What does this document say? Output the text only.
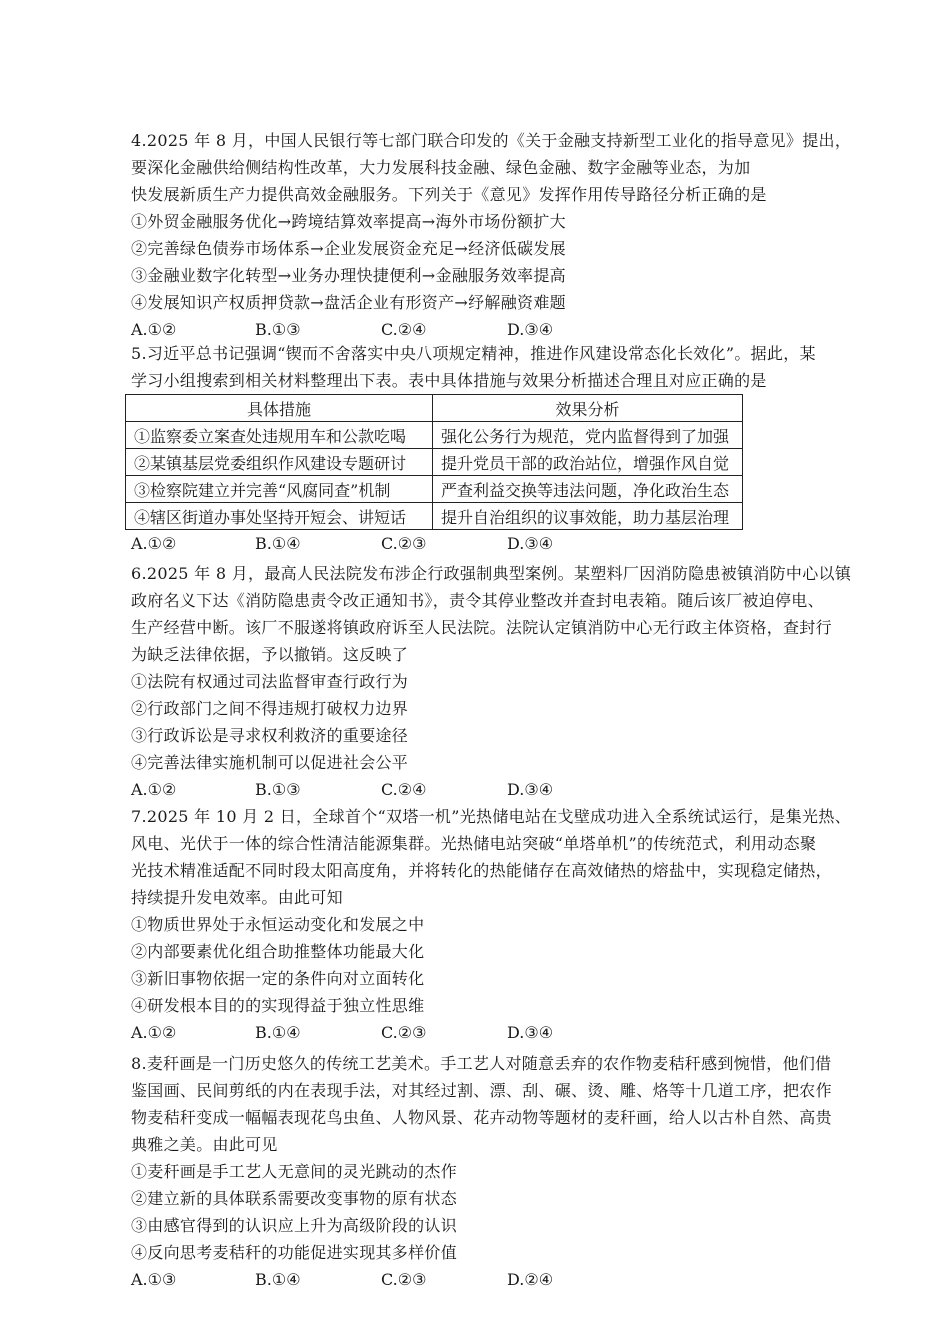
4.2025 年 8 月，中国人民银行等七部门联合印发的《关于金融支持新型工业化的指导意见》提出，
要深化金融供给侧结构性改革，大力发展科技金融、绿色金融、数字金融等业态，为加
快发展新质生产力提供高效金融服务。下列关于《意见》发挥作用传导路径分析正确的是
①外贸金融服务优化→跨境结算效率提高→海外市场份额扩大
②完善绿色债券市场体系→企业发展资金充足→经济低碳发展
③金融业数字化转型→业务办理快捷便利→金融服务效率提高
④发展知识产权质押贷款→盘活企业有形资产→纾解融资难题
A.①②	B.①③	C.②④	D.③④
5.习近平总书记强调“锲而不舍落实中央八项规定精神，推进作风建设常态化长效化”。据此，某
学习小组搜索到相关材料整理出下表。表中具体措施与效果分析描述合理且对应正确的是
具体措施	效果分析
①监察委立案查处违规用车和公款吃喝	强化公务行为规范，党内监督得到了加强
②某镇基层党委组织作风建设专题研讨	提升党员干部的政治站位，增强作风自觉
③检察院建立并完善“风腐同查”机制	严查利益交换等违法问题，净化政治生态
④辖区街道办事处坚持开短会、讲短话	提升自治组织的议事效能，助力基层治理
A.①②	B.①④	C.②③	D.③④
6.2025 年 8 月，最高人民法院发布涉企行政强制典型案例。某塑料厂因消防隐患被镇消防中心以镇
政府名义下达《消防隐患责令改正通知书》，责令其停业整改并查封电表箱。随后该厂被迫停电、
生产经营中断。该厂不服遂将镇政府诉至人民法院。法院认定镇消防中心无行政主体资格，查封行
为缺乏法律依据，予以撤销。这反映了
①法院有权通过司法监督审查行政行为
②行政部门之间不得违规打破权力边界
③行政诉讼是寻求权利救济的重要途径
④完善法律实施机制可以促进社会公平
A.①②	B.①③	C.②④	D.③④
7.2025 年 10 月 2 日，全球首个“双塔一机”光热储电站在戈壁成功进入全系统试运行，是集光热、
风电、光伏于一体的综合性清洁能源集群。光热储电站突破“单塔单机”的传统范式，利用动态聚
光技术精准适配不同时段太阳高度角，并将转化的热能储存在高效储热的熔盐中，实现稳定储热，
持续提升发电效率。由此可知
①物质世界处于永恒运动变化和发展之中
②内部要素优化组合助推整体功能最大化
③新旧事物依据一定的条件向对立面转化
④研发根本目的的实现得益于独立性思维
A.①②	B.①④	C.②③	D.③④
8.麦秆画是一门历史悠久的传统工艺美术。手工艺人对随意丢弃的农作物麦秸秆感到惋惜，他们借
鉴国画、民间剪纸的内在表现手法，对其经过割、漂、刮、碾、烫、雕、烙等十几道工序，把农作
物麦秸秆变成一幅幅表现花鸟虫鱼、人物风景、花卉动物等题材的麦秆画，给人以古朴自然、高贵
典雅之美。由此可见
①麦秆画是手工艺人无意间的灵光跳动的杰作
②建立新的具体联系需要改变事物的原有状态
③由感官得到的认识应上升为高级阶段的认识
④反向思考麦秸秆的功能促进实现其多样价值
A.①③	B.①④	C.②③	D.②④
